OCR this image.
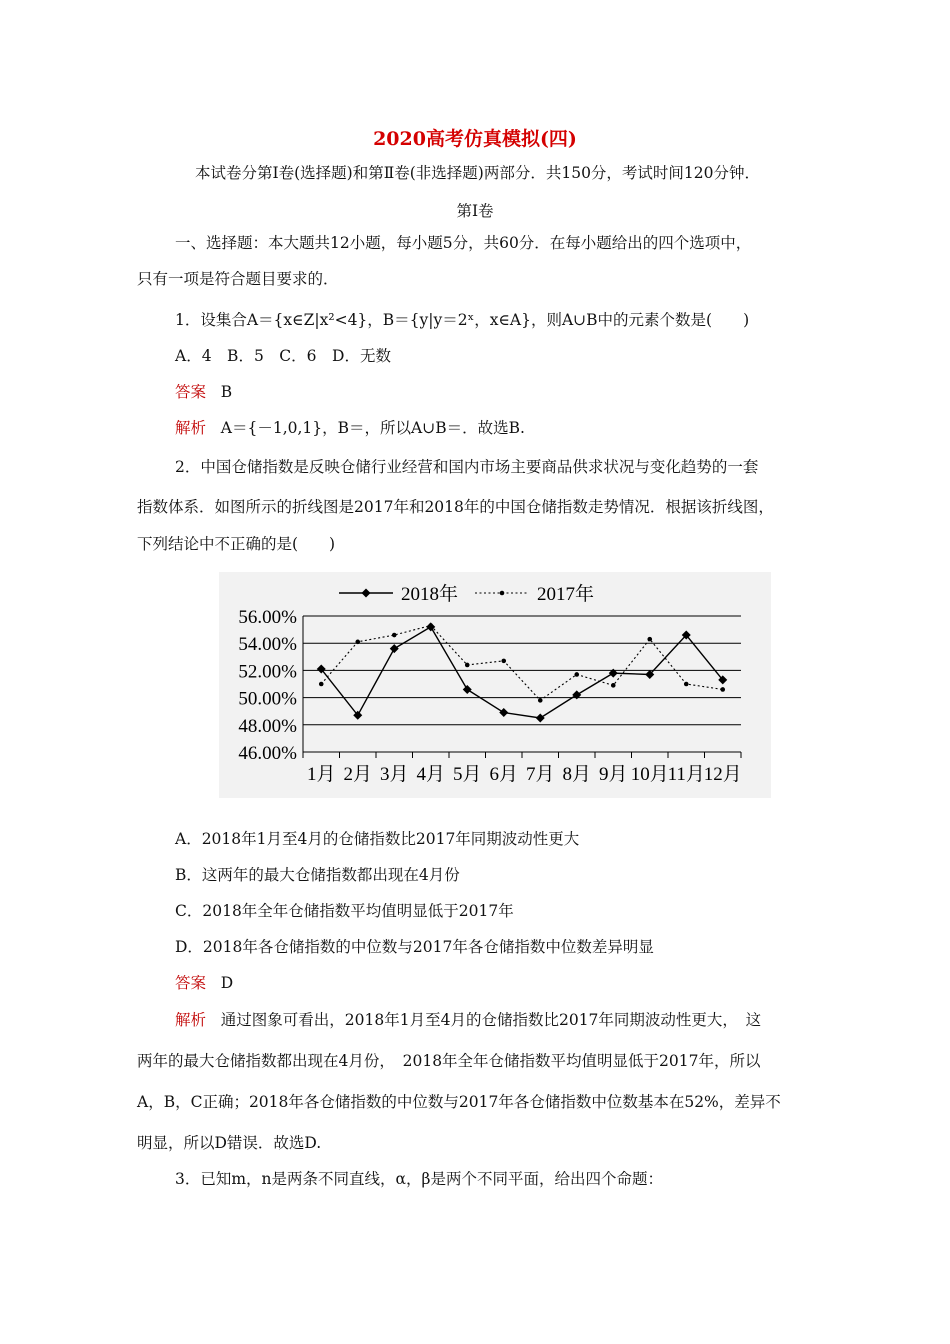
2020高考仿真模拟(四)
本试卷分第Ⅰ卷(选择题)和第Ⅱ卷(非选择题)两部分．共150分，考试时间120分钟．
第Ⅰ卷
一、选择题：本大题共12小题，每小题5分，共60分．在每小题给出的四个选项中，
只有一项是符合题目要求的．
1．设集合A＝{x∈Z|x²<4}，B＝{y|y＝2ˣ，x∈A}，则A∪B中的元素个数是(　　)
A．4　B．5　C．6　D．无数
答案 B
解析 A＝{－1,0,1}，B＝，所以A∪B＝．故选B.
2．中国仓储指数是反映仓储行业经营和国内市场主要商品供求状况与变化趋势的一套
指数体系．如图所示的折线图是2017年和2018年的中国仓储指数走势情况．根据该折线图，
下列结论中不正确的是(　　)
56.00%
54.00%
52.00%
50.00%
48.00%
46.00%
1月 2月 3月 4月 5月 6月 7月 8月 9月 10月
11月
12月
2018年	2017年
A．2018年1月至4月的仓储指数比2017年同期波动性更大
B．这两年的最大仓储指数都出现在4月份
C．2018年全年仓储指数平均值明显低于2017年
D．2018年各仓储指数的中位数与2017年各仓储指数中位数差异明显
答案 D
解析 通过图象可看出，2018年1月至4月的仓储指数比2017年同期波动性更大，　这
两年的最大仓储指数都出现在4月份，　2018年全年仓储指数平均值明显低于2017年，所以
A，B，C正确；2018年各仓储指数的中位数与2017年各仓储指数中位数基本在52%，差异不
明显，所以D错误．故选D.
3．已知m，n是两条不同直线，α，β是两个不同平面，给出四个命题：
